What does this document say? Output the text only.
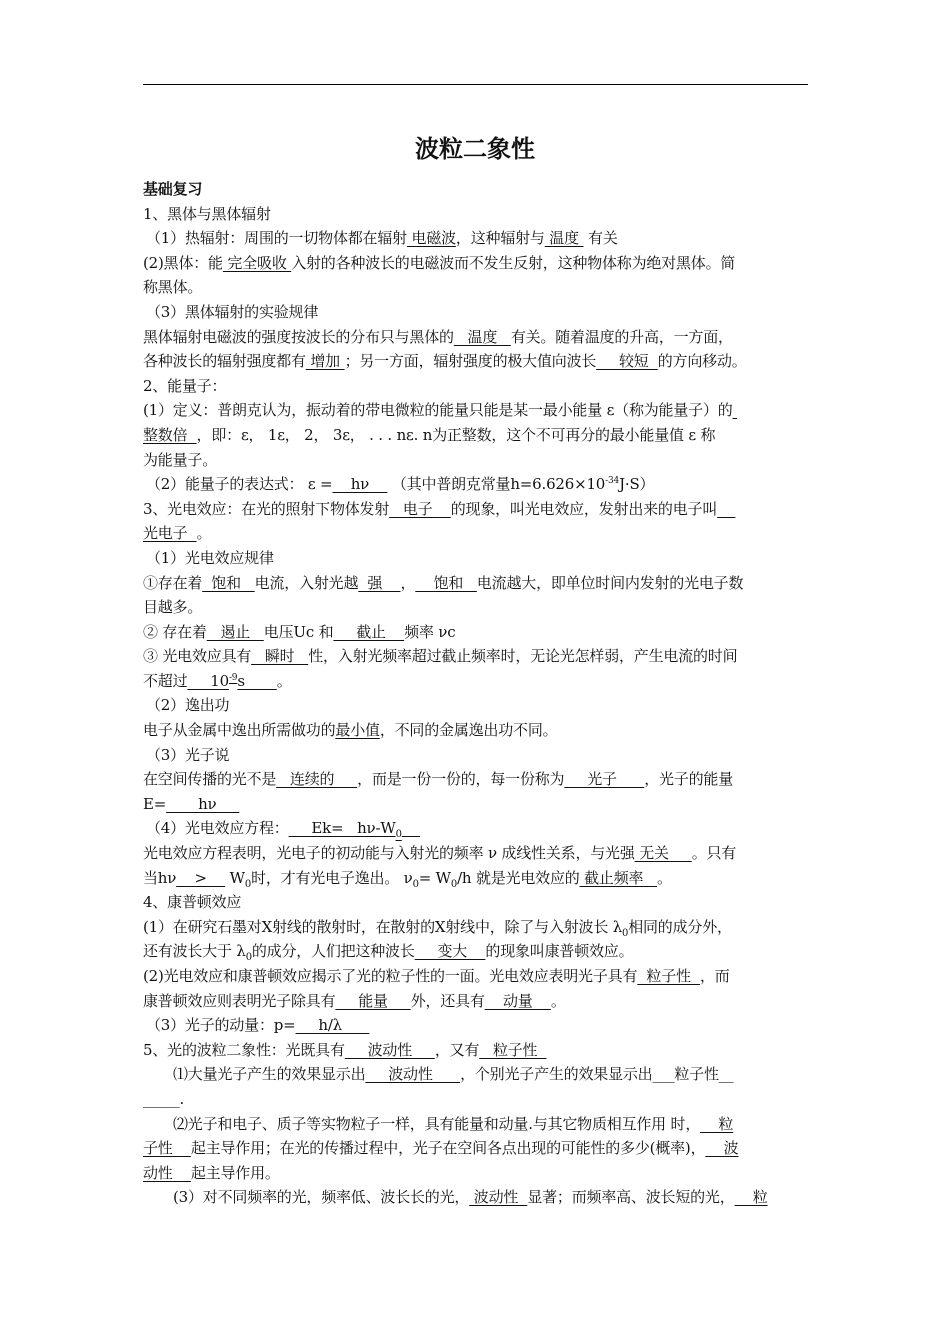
波粒二象性
基础复习
1、黑体与黑体辐射
（1）热辐射：周围的一切物体都在辐射 电磁波，这种辐射与 温度  有关
(2)黑体：能 完全吸收 入射的各种波长的电磁波而不发生反射，这种物体称为绝对黑体。简
称黑体。
（3）黑体辐射的实验规律
黑体辐射电磁波的强度按波长的分布只与黑体的   温度   有关。随着温度的升高，一方面，
各种波长的辐射强度都有 增加 ；另一方面，辐射强度的极大值向波长     较短  的方向移动。
2、能量子：
(1）定义：普朗克认为，振动着的带电微粒的能量只能是某一最小能量 ε（称为能量子）的
整数倍  ，即：ε， 1ε， 2， 3ε， . . . nε. n为正整数，这个不可再分的最小能量值 ε 称
为能量子。
（2）能量子的表达式： ε =    hν     （其中普朗克常量$h=6.626\times 10^{-34}J\cdot S$）
3、光电效应：在光的照射下物体发射   电子    的现象，叫光电效应，发射出来的电子叫
光电子  。
（1）光电效应规律
①存在着  饱和   电流，入射光越  强    ，    饱和   电流越大，即单位时间内发射的光电子数
目越多。
② 存在着   遏止   电压Uc 和     截止    频率 νc
③ 光电效应具有   瞬时   性，入射光频率超过截止频率时，无论光怎样弱，产生电流的时间
不超过     $10^{-9}s$       。
（2）逸出功
电子从金属中逸出所需做功的最小值，不同的金属逸出功不同。
（3）光子说
在空间传播的光不是   连续的     ，而是一份一份的，每一份称为     光子      ，光子的能量
E=       hν
（4）光电效应方程：     $Ek= h\nu-W_0$
光电效应方程表明，光电子的初动能与入射光的频率 ν 成线性关系，与光强 无关     。只有
当hν    >     $W_0$时，才有光电子逸出。 $\nu_0= W_0/h$ 就是光电效应的 截止频率   。
4、康普顿效应
(1）在研究石墨对X射线的散射时，在散射的X射线中，除了与入射波长 $\lambda_0$相同的成分外，
还有波长大于 $\lambda_0$的成分，人们把这种波长     变大    的现象叫康普顿效应。
(2)光电效应和康普顿效应揭示了光的粒子性的一面。光电效应表明光子具有  粒子性  ，而
康普顿效应则表明光子除具有     能量     外，还具有    动量    。
（3）光子的动量：p=     h/λ
5、光的波粒二象性：光既具有     波动性     ，又有   粒子性
⑴大量光子产生的效果显示出     波动性      ，个别光子产生的效果显示出___粒子性__
_____.
⑵光子和电子、质子等实物粒子一样，具有能量和动量.与其它物质相互作用 时，    粒
子性    起主导作用；在光的传播过程中，光子在空间各点出现的可能性的多少(概率)，    波
动性    起主导作用。
(3）对不同频率的光，频率低、波长长的光， 波动性  显著；而频率高、波长短的光，    粒
